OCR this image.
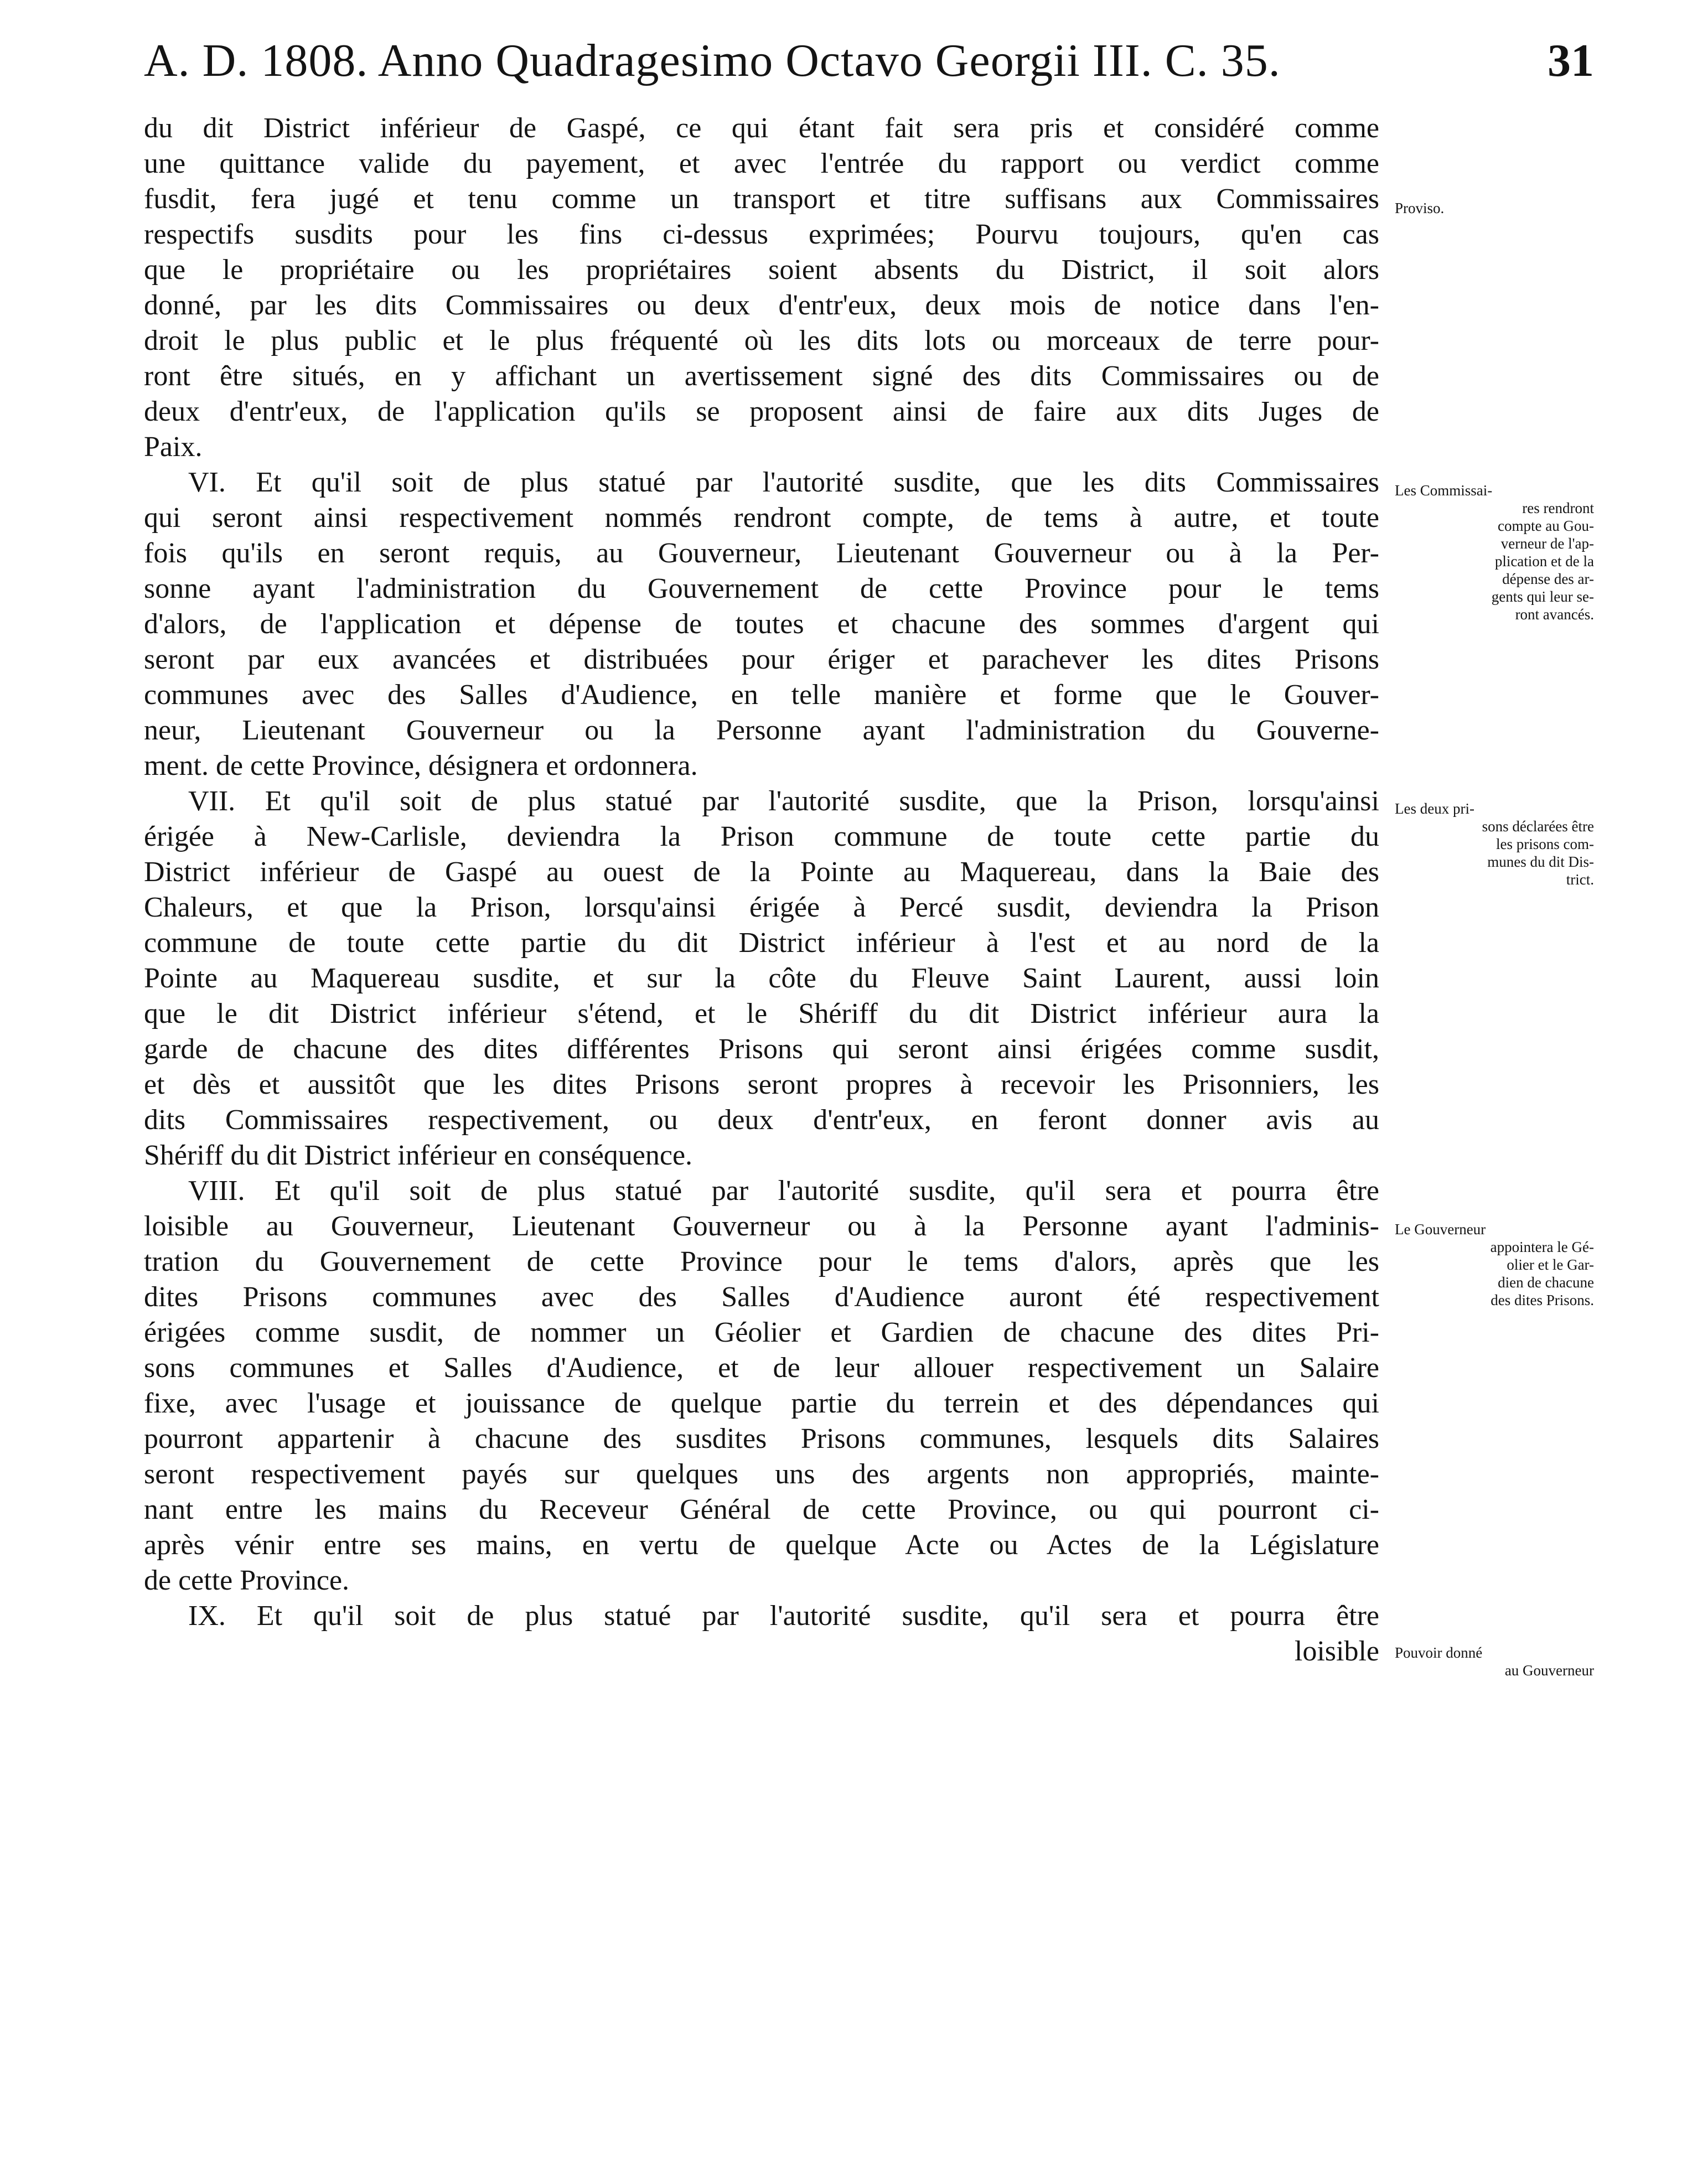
A. D. 1808. Anno Quadragesimo Octavo Georgii III. C. 35.	31
du dit District inférieur de Gaspé, ce qui étant fait sera pris et considéré comme
une quittance valide du payement, et avec l'entrée du rapport ou verdict comme
fusdit, fera jugé et tenu comme un transport et titre suffisans aux Commissaires
respectifs susdits pour les fins ci-dessus exprimées; Pourvu toujours, qu'en cas
que le propriétaire ou les propriétaires soient absents du District, il soit alors
donné, par les dits Commissaires ou deux d'entr'eux, deux mois de notice dans l'en-
droit le plus public et le plus fréquenté où les dits lots ou morceaux de terre pour-
ront être situés, en y affichant un avertissement signé des dits Commissaires ou de
deux d'entr'eux, de l'application qu'ils se proposent ainsi de faire aux dits Juges de
Paix.
VI. Et qu'il soit de plus statué par l'autorité susdite, que les dits Commissaires
qui seront ainsi respectivement nommés rendront compte, de tems à autre, et toute
fois qu'ils en seront requis, au Gouverneur, Lieutenant Gouverneur ou à la Per-
sonne ayant l'administration du Gouvernement de cette Province pour le tems
d'alors, de l'application et dépense de toutes et chacune des sommes d'argent qui
seront par eux avancées et distribuées pour ériger et parachever les dites Prisons
communes avec des Salles d'Audience, en telle manière et forme que le Gouver-
neur, Lieutenant Gouverneur ou la Personne ayant l'administration du Gouverne-
ment. de cette Province, désignera et ordonnera.
VII. Et qu'il soit de plus statué par l'autorité susdite, que la Prison, lorsqu'ainsi
érigée à New-Carlisle, deviendra la Prison commune de toute cette partie du
District inférieur de Gaspé au ouest de la Pointe au Maquereau, dans la Baie des
Chaleurs, et que la Prison, lorsqu'ainsi érigée à Percé susdit, deviendra la Prison
commune de toute cette partie du dit District inférieur à l'est et au nord de la
Pointe au Maquereau susdite, et sur la côte du Fleuve Saint Laurent, aussi loin
que le dit District inférieur s'étend, et le Shériff du dit District inférieur aura la
garde de chacune des dites différentes Prisons qui seront ainsi érigées comme susdit,
et dès et aussitôt que les dites Prisons seront propres à recevoir les Prisonniers, les
dits Commissaires respectivement, ou deux d'entr'eux, en feront donner avis au
Shériff du dit District inférieur en conséquence.
VIII. Et qu'il soit de plus statué par l'autorité susdite, qu'il sera et pourra être
loisible au Gouverneur, Lieutenant Gouverneur ou à la Personne ayant l'adminis-
tration du Gouvernement de cette Province pour le tems d'alors, après que les
dites Prisons communes avec des Salles d'Audience auront été respectivement
érigées comme susdit, de nommer un Géolier et Gardien de chacune des dites Pri-
sons communes et Salles d'Audience, et de leur allouer respectivement un Salaire
fixe, avec l'usage et jouissance de quelque partie du terrein et des dépendances qui
pourront appartenir à chacune des susdites Prisons communes, lesquels dits Salaires
seront respectivement payés sur quelques uns des argents non appropriés, mainte-
nant entre les mains du Receveur Général de cette Province, ou qui pourront ci-
après vénir entre ses mains, en vertu de quelque Acte ou Actes de la Législature
de cette Province.
IX. Et qu'il soit de plus statué par l'autorité susdite, qu'il sera et pourra être
loisible
Proviso.
Les Commissai-
res rendront
compte au Gou-
verneur de l'ap-
plication et de la
dépense des ar-
gents qui leur se-
ront avancés.
Les deux pri-
sons déclarées être
les prisons com-
munes du dit Dis-
trict.
Le Gouverneur
appointera le Gé-
olier et le Gar-
dien de chacune
des dites Prisons.
Pouvoir donné
au Gouverneur
